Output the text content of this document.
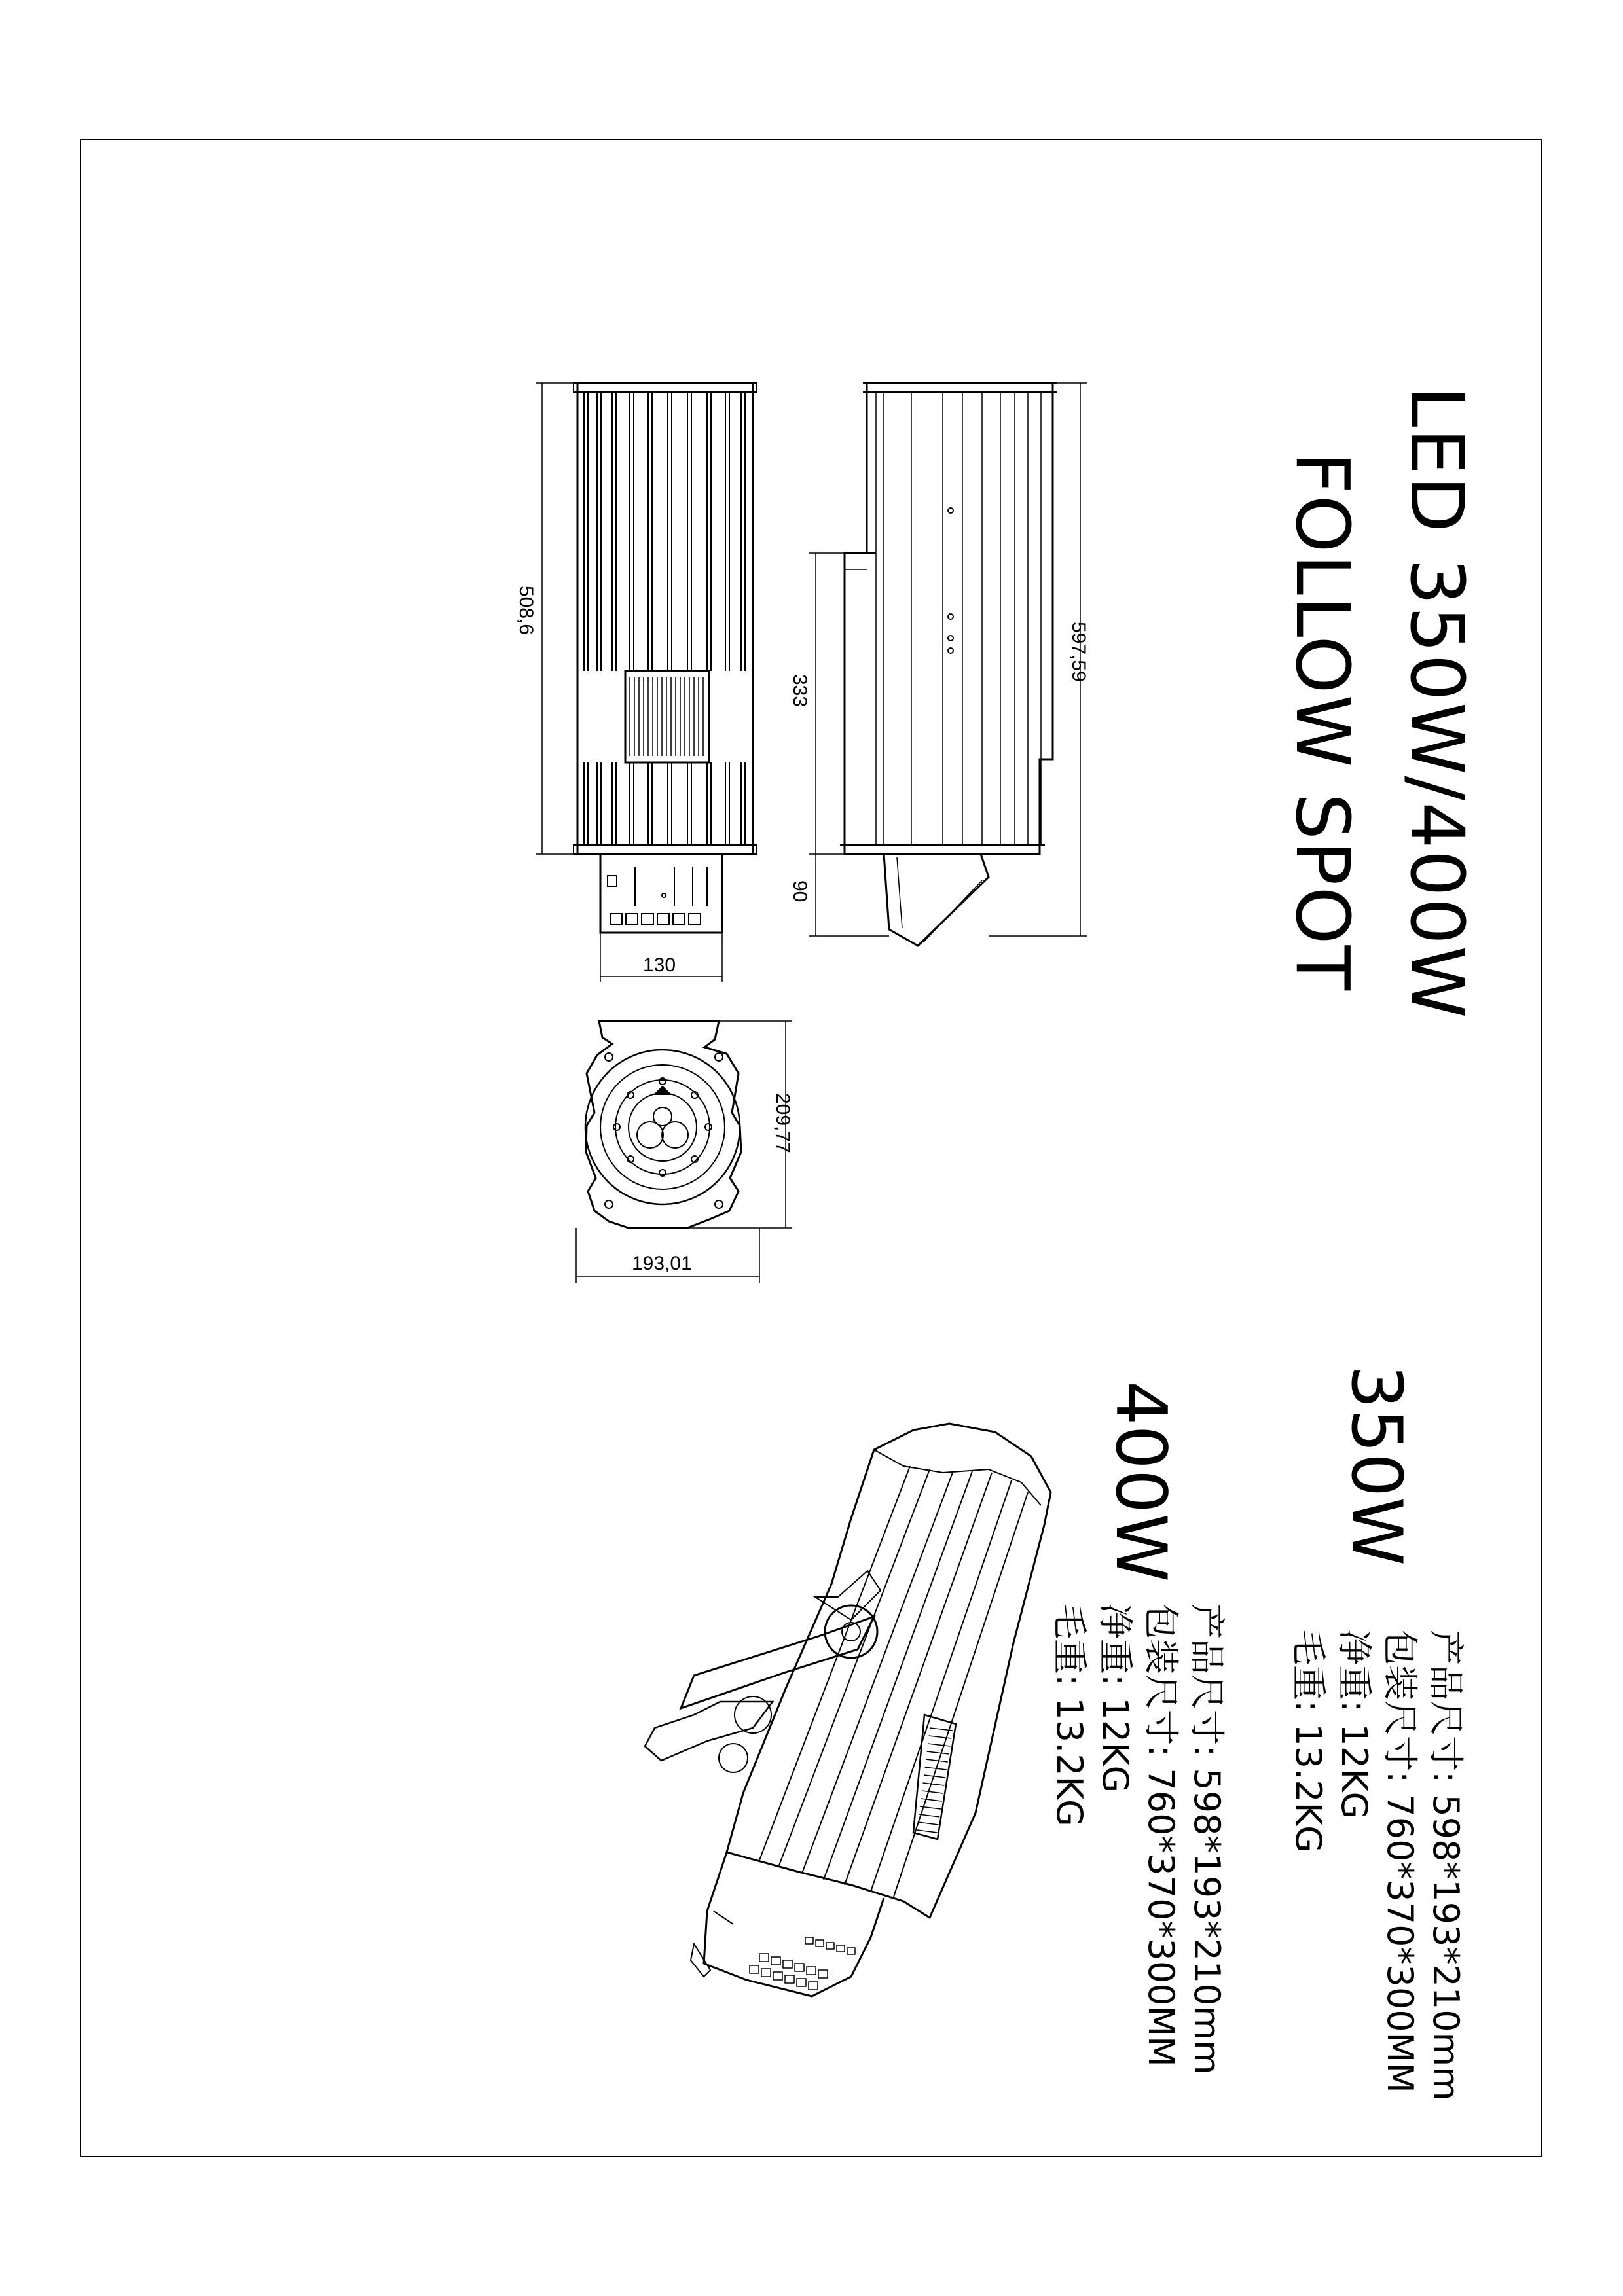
LED 350W/400W
FOLLOW SPOT
508,6
597,59
333
90
209,77
130
193,01
350W
产品尺寸: 598*193*210mm
包装尺寸: 760*370*300MM
净重: 12KG
毛重: 13.2KG
400W
产品尺寸: 598*193*210mm
包装尺寸: 760*370*300MM
净重: 12KG
毛重: 13.2KG
